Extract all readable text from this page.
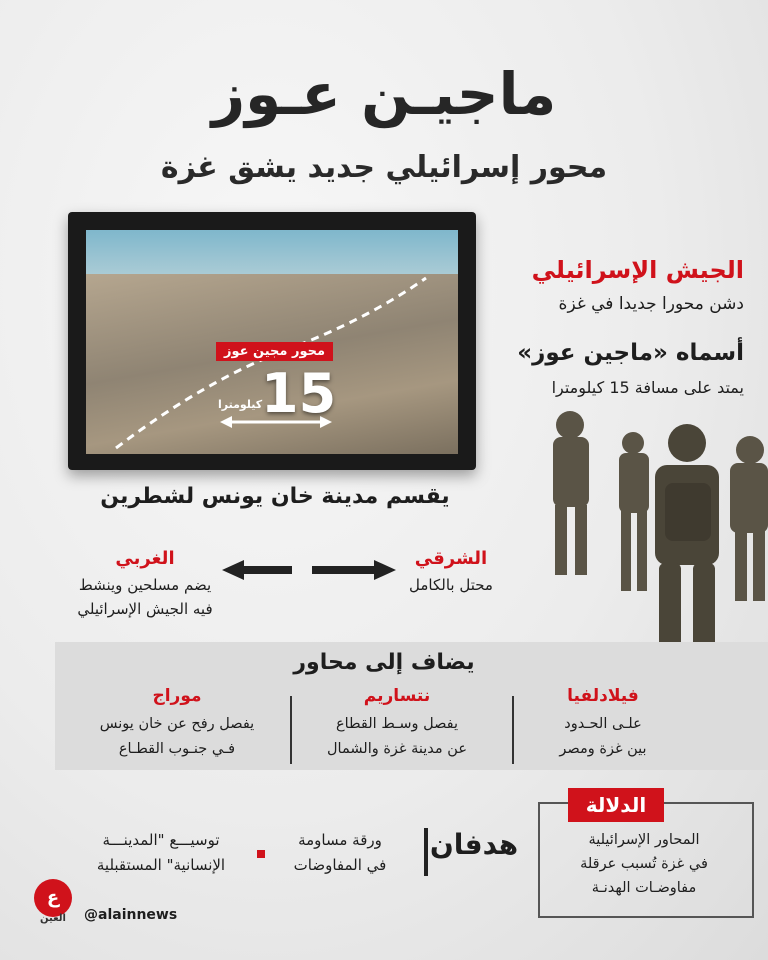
ماجيـن عـوز
محور إسرائيلي جديد يشق غزة
محور مجين عوز
15
كيلومترا
الجيش الإسرائيلي
دشن محورا جديدا في غزة
أسماه «ماجين عوز»
يمتد على مسافة 15 كيلومترا
يقسم مدينة خان يونس لشطرين
الشرقي
محتل بالكامل
الغربي
يضم مسلحين وينشط
فيه الجيش الإسرائيلي
يضاف إلى محاور
فيلادلفيا
علـى الحـدود
بين غزة ومصر
نتساريم
يفصل وسـط القطاع
عن مدينة غزة والشمال
موراج
يفصل رفح عن خان يونس
فـي جنـوب القطـاع
الدلالة
المحاور الإسرائيلية
في غزة تُسبب عرقلة
مفاوضـات الهدنـة
هدفان
ورقة مساومة
في المفاوضات
توسيـــع "المدينـــة
الإنسانية" المستقبلية
ع
العين	@alainnews
